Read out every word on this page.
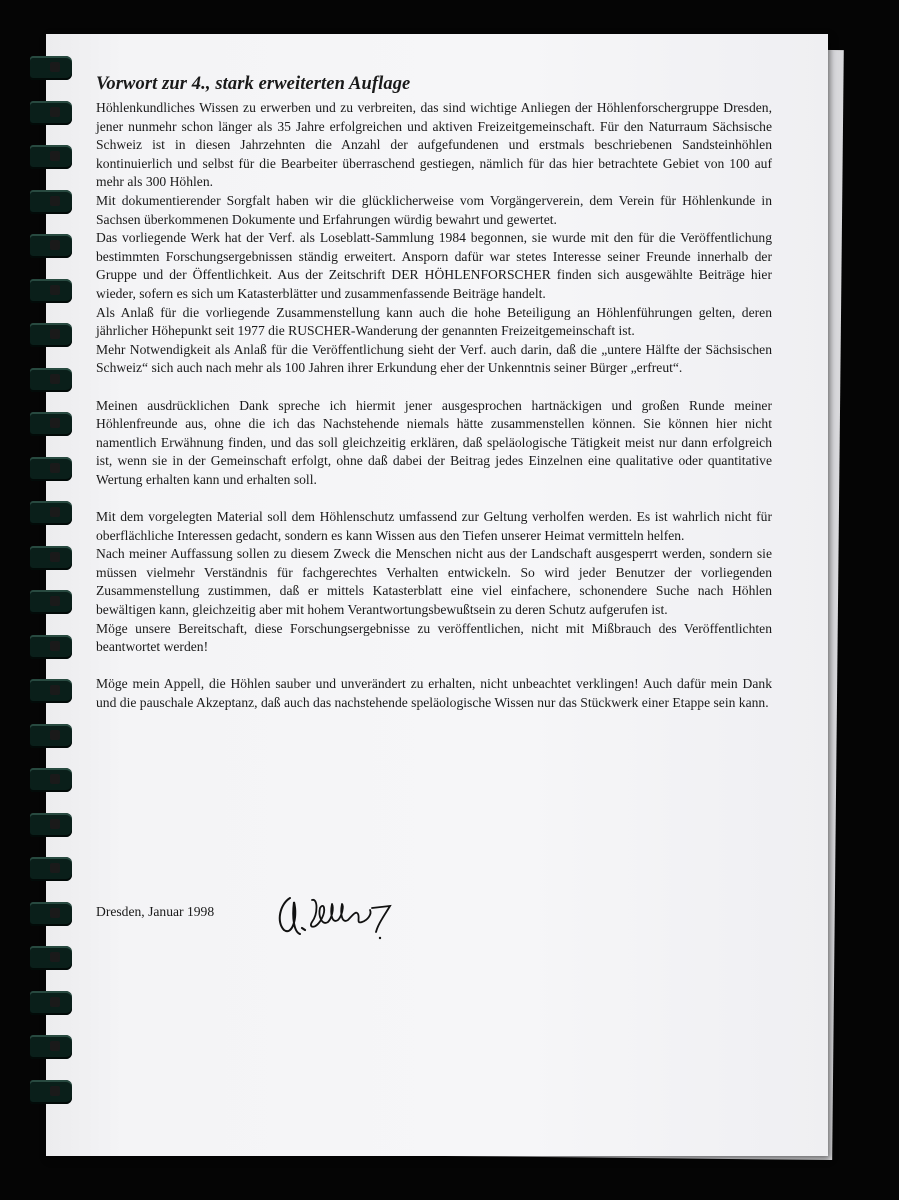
Vorwort zur 4., stark erweiterten Auflage

Höhlenkundliches Wissen zu erwerben und zu verbreiten, das sind wichtige Anliegen der Höhlenforschergruppe Dresden, jener nunmehr schon länger als 35 Jahre erfolgreichen und aktiven Freizeitgemeinschaft. Für den Naturraum Sächsische Schweiz ist in diesen Jahrzehnten die Anzahl der aufgefundenen und erstmals beschriebenen Sandsteinhöhlen kontinuierlich und selbst für die Bearbeiter überraschend gestiegen, nämlich für das hier betrachtete Gebiet von 100 auf mehr als 300 Höhlen.

Mit dokumentierender Sorgfalt haben wir die glücklicherweise vom Vorgängerverein, dem Verein für Höhlenkunde in Sachsen überkommenen Dokumente und Erfahrungen würdig bewahrt und gewertet.

Das vorliegende Werk hat der Verf. als Loseblatt-Sammlung 1984 begonnen, sie wurde mit den für die Veröffentlichung bestimmten Forschungsergebnissen ständig erweitert. Ansporn dafür war stetes Interesse seiner Freunde innerhalb der Gruppe und der Öffentlichkeit. Aus der Zeitschrift DER HÖHLENFORSCHER finden sich ausgewählte Beiträge hier wieder, sofern es sich um Katasterblätter und zusammenfassende Beiträge handelt.

Als Anlaß für die vorliegende Zusammenstellung kann auch die hohe Beteiligung an Höhlenführungen gelten, deren jährlicher Höhepunkt seit 1977 die RUSCHER-Wanderung der genannten Freizeitgemeinschaft ist.

Mehr Notwendigkeit als Anlaß für die Veröffentlichung sieht der Verf. auch darin, daß die „untere Hälfte der Sächsischen Schweiz“ sich auch nach mehr als 100 Jahren ihrer Erkundung eher der Unkenntnis seiner Bürger „erfreut“.

Meinen ausdrücklichen Dank spreche ich hiermit jener ausgesprochen hartnäckigen und großen Runde meiner Höhlenfreunde aus, ohne die ich das Nachstehende niemals hätte zusammenstellen können. Sie können hier nicht namentlich Erwähnung finden, und das soll gleichzeitig erklären, daß speläologische Tätigkeit meist nur dann erfolgreich ist, wenn sie in der Gemeinschaft erfolgt, ohne daß dabei der Beitrag jedes Einzelnen eine qualitative oder quantitative Wertung erhalten kann und erhalten soll.

Mit dem vorgelegten Material soll dem Höhlenschutz umfassend zur Geltung verholfen werden. Es ist wahrlich nicht für oberflächliche Interessen gedacht, sondern es kann Wissen aus den Tiefen unserer Heimat vermitteln helfen.

Nach meiner Auffassung sollen zu diesem Zweck die Menschen nicht aus der Landschaft ausgesperrt werden, sondern sie müssen vielmehr Verständnis für fachgerechtes Verhalten entwickeln. So wird jeder Benutzer der vorliegenden Zusammenstellung zustimmen, daß er mittels Katasterblatt eine viel einfachere, schonendere Suche nach Höhlen bewältigen kann, gleichzeitig aber mit hohem Verantwortungsbewußtsein zu deren Schutz aufgerufen ist.

Möge unsere Bereitschaft, diese Forschungsergebnisse zu veröffentlichen, nicht mit Mißbrauch des Veröffentlichten beantwortet werden!

Möge mein Appell, die Höhlen sauber und unverändert zu erhalten, nicht unbeachtet verklingen! Auch dafür mein Dank und die pauschale Akzeptanz, daß auch das nachstehende speläologische Wissen nur das Stückwerk einer Etappe sein kann.

Dresden, Januar 1998
